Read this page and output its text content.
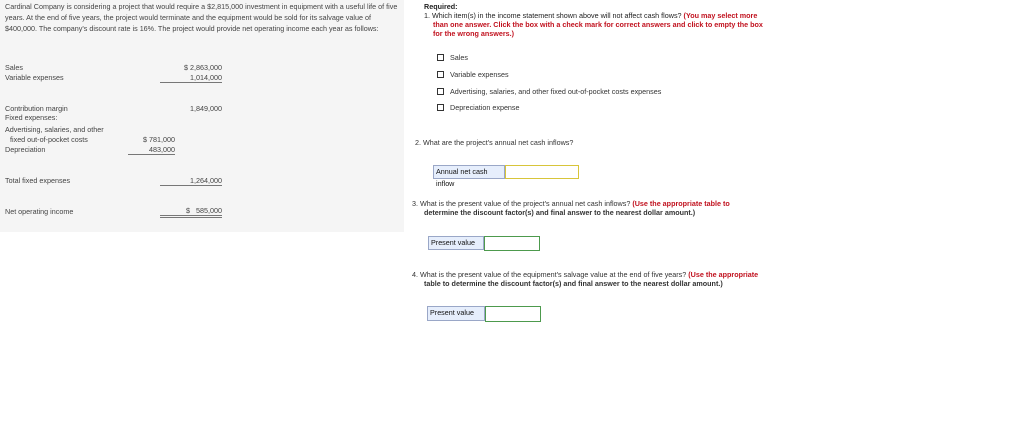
Cardinal Company is considering a project that would require a $2,815,000 investment in equipment with a useful life of five years. At the end of five years, the project would terminate and the equipment would be sold for its salvage value of $400,000. The company's discount rate is 16%. The project would provide net operating income each year as follows:
Sales	$ 2,863,000
Variable expenses	1,014,000
Contribution margin	1,849,000
Fixed expenses:
Advertising, salaries, and other
fixed out-of-pocket costs	$ 781,000
Depreciation	483,000
Total fixed expenses	1,264,000
Net operating income	$   585,000
Required:
1. Which item(s) in the income statement shown above will not affect cash flows? (You may select more
than one answer. Click the box with a check mark for correct answers and click to empty the box
for the wrong answers.)
Sales
Variable expenses
Advertising, salaries, and other fixed out-of-pocket costs expenses
Depreciation expense
2. What are the project's annual net cash inflows?
Annual net cash inflow
3. What is the present value of the project's annual net cash inflows? (Use the appropriate table to
determine the discount factor(s) and final answer to the nearest dollar amount.)
Present value
4. What is the present value of the equipment's salvage value at the end of five years? (Use the appropriate
table to determine the discount factor(s) and final answer to the nearest dollar amount.)
Present value
